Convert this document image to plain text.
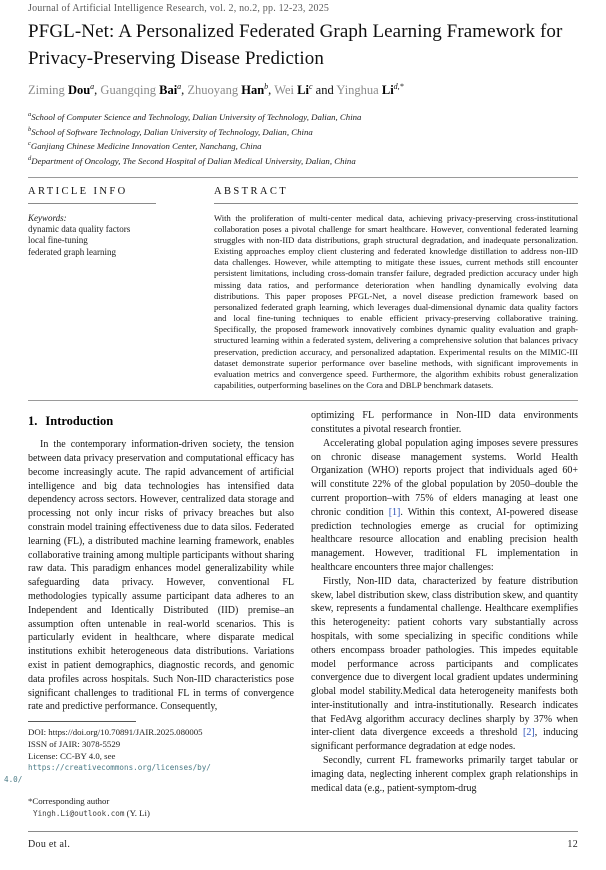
Journal of Artificial Intelligence Research, vol. 2, no.2, pp. 12-23, 2025
PFGL-Net: A Personalized Federated Graph Learning Framework for Privacy-Preserving Disease Prediction
Ziming Dou$^a$, Guangqing Bai$^a$, Zhuoyang Han$^b$, Wei Li$^c$ and Yinghua $Li^{d,*}$
$^a$School of Computer Science and Technology, Dalian University of Technology, Dalian, China
$^b$School of Software Technology, Dalian University of Technology, Dalian, China
$^c$Ganjiang Chinese Medicine Innovation Center, Nanchang, China
$^d$Department of Oncology, The Second Hospital of Dalian Medical University, Dalian, China
ARTICLE INFO
Keywords:
dynamic data quality factors
local fine-tuning
federated graph learning
ABSTRACT
With the proliferation of multi-center medical data, achieving privacy-preserving cross-institutional collaboration poses a pivotal challenge for smart healthcare. However, conventional federated learning struggles with non-IID data distributions, graph structural degradation, and inadequate personalization. Existing approaches employ client clustering and federated knowledge distillation to address non-IID data challenges. However, while attempting to mitigate these issues, current methods still encounter persistent limitations, including cross-domain transfer failure, degraded prediction accuracy under high missing data ratios, and performance deterioration when handling dynamically evolving data distributions. This paper proposes PFGL-Net, a novel disease prediction framework based on personalized federated graph learning, which leverages dual-dimensional dynamic data quality factors and local fine-tuning techniques to enable efficient privacy-preserving collaborative training. Specifically, the proposed framework innovatively combines dynamic quality evaluation and graph-structured learning within a federated system, delivering a comprehensive solution that balances privacy preservation, prediction accuracy, and personalized adaptation. Experimental results on the MIMIC-III dataset demonstrate superior performance over baseline methods, with significant improvements in evaluation metrics and convergence speed. Furthermore, the algorithm exhibits robust generalization capabilities, outperforming baselines on the Cora and DBLP benchmark datasets.
1. Introduction

In the contemporary information-driven society, the tension between data privacy preservation and computational efficacy has become increasingly acute. The rapid advancement of artificial intelligence and big data technologies has intensified data dependency across sectors. However, centralized data storage and processing not only incur risks of privacy breaches but also constrain model training effectiveness due to data silos. Federated learning (FL), a distributed machine learning framework, enables collaborative training among multiple participants without sharing raw data. This paradigm enhances model generalizability while safeguarding data privacy. However, conventional FL methodologies typically assume participant data adheres to an Independent and Identically Distributed (IID) premise–an assumption often untenable in real-world scenarios. This is particularly evident in healthcare, where disparate medical institutions exhibit heterogeneous data distributions. Variations exist in patient demographics, diagnostic records, and genomic data profiles across hospitals. Such Non-IID characteristics pose significant challenges to traditional FL in terms of convergence rate and predictive performance. Consequently,

DOI: https://doi.org/10.70891/JAIR.2025.080005
ISSN of JAIR: 3078-5529
License: CC-BY 4.0, see https://creativecommons.org/licenses/by/
4.0/
*Corresponding author
Yingh.Li@outlook.com (Y. Li)

optimizing FL performance in Non-IID data environments constitutes a pivotal research frontier.

Accelerating global population aging imposes severe pressures on chronic disease management systems. World Health Organization (WHO) reports project that individuals aged 60+ will constitute 22% of the global population by 2050–double the current proportion–with 75% of elders managing at least one chronic condition [1]. Within this context, AI-powered disease prediction technologies emerge as crucial for optimizing healthcare resource allocation and enabling precision health management. However, traditional FL implementation in healthcare encounters three major challenges:

Firstly, Non-IID data, characterized by feature distribution skew, label distribution skew, class distribution skew, and quantity skew, represents a fundamental challenge. Healthcare exemplifies this heterogeneity: patient cohorts vary substantially across hospitals, with some specializing in specific conditions while others encompass broader pathologies. This impedes equitable model performance across participants and complicates convergence due to divergent local gradient updates undermining global model stability.Medical data heterogeneity manifests both inter-institutionally and intra-institutionally. Research indicates that FedAvg algorithm accuracy declines sharply by 37% when inter-client data divergence exceeds a threshold [2], inducing significant performance degradation at edge nodes.

Secondly, current FL frameworks primarily target tabular or imaging data, neglecting inherent complex graph relationships in medical data (e.g., patient-symptom-drug

Dou et al.	12
